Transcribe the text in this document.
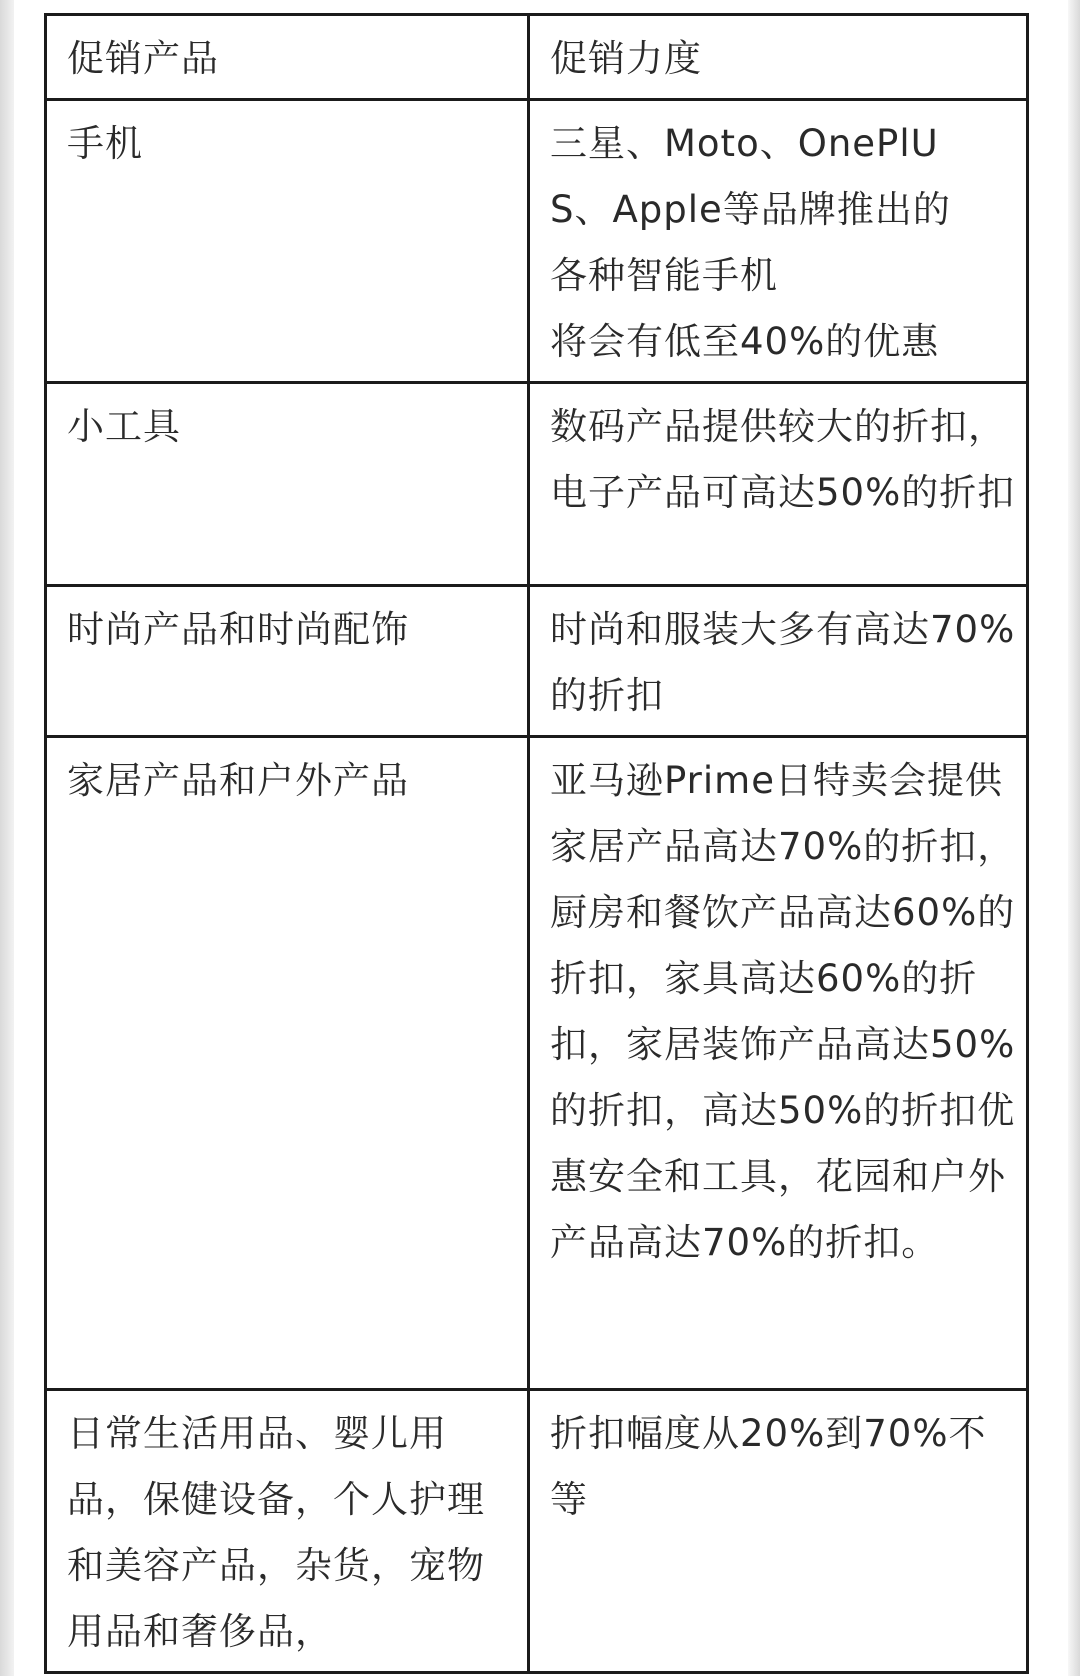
促销产品	促销力度
手机	三星、Moto、OnePlU
S、Apple等品牌推出的
各种智能手机
将会有低至40%的优惠
小工具	数码产品提供较大的折扣，电子产品可高达50%的折扣
时尚产品和时尚配饰	时尚和服装大多有高达70%的折扣
家居产品和户外产品	亚马逊Prime日特卖会提供家居产品高达70%的折扣，厨房和餐饮产品高达60%的折扣，家具高达60%的折扣，家居装饰产品高达50%的折扣，高达50%的折扣优惠安全和工具，花园和户外产品高达70%的折扣。
日常生活用品、婴儿用品，保健设备，个人护理和美容产品，杂货，宠物用品和奢侈品，	折扣幅度从20%到70%不等
